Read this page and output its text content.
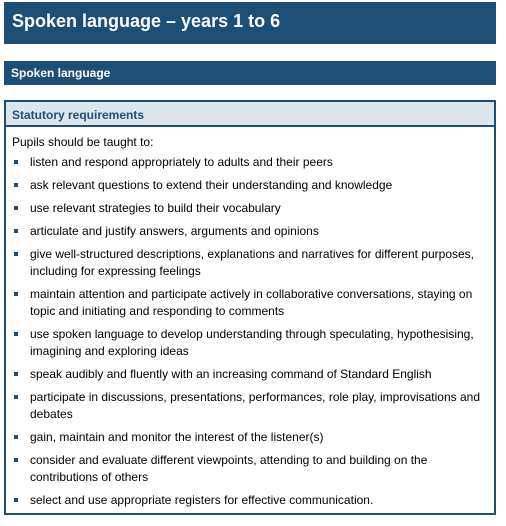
Spoken language – years 1 to 6
Spoken language
Statutory requirements

Pupils should be taught to:

listen and respond appropriately to adults and their peers
ask relevant questions to extend their understanding and knowledge
use relevant strategies to build their vocabulary
articulate and justify answers, arguments and opinions
give well-structured descriptions, explanations and narratives for different purposes, including for expressing feelings
maintain attention and participate actively in collaborative conversations, staying on topic and initiating and responding to comments
use spoken language to develop understanding through speculating, hypothesising, imagining and exploring ideas
speak audibly and fluently with an increasing command of Standard English
participate in discussions, presentations, performances, role play, improvisations and debates
gain, maintain and monitor the interest of the listener(s)
consider and evaluate different viewpoints, attending to and building on the contributions of others
select and use appropriate registers for effective communication.
